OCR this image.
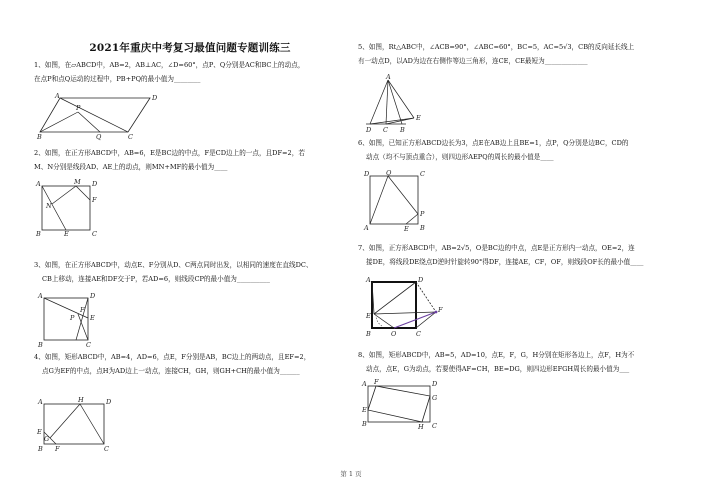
2021年重庆中考复习最值问题专题训练三
1、如图，在▱ABCD中，AB=2，AB⊥AC，∠D=60°，点P、Q分别是AC和BC上的动点，
在点P和点Q运动的过程中，PB+PQ的最小值为________
A	D
P
B	Q	C
2、如图，在正方形ABCD中，AB=6，E是BC边的中点，F是CD边上的一点，且DF=2，若
M、N分别是线段AD、AE上的动点，则MN+MF的最小值为____
A	M D
N
F
B	E	C
3、如图，在正方形ABCD中，动点E、F分别从D、C两点同时出发，以相同的速度在直线DC、
CB上移动，连接AE和DF交于P，若AD=6，则线段CP的最小值为__________
A	D
E
F
P
B	C
4、如图，矩形ABCD中，AB=4，AD=6，点E，F分别是AB，BC边上的两动点，且EF=2，
点G为EF的中点，点H为AD边上一动点，连接CH，GH，则GH+CH的最小值为______
A	H	D
E
G
B F	C
5、如图，Rt△ABC中，∠ACB=90°，∠ABC=60°，BC=5，AC=5√3，CB的反向延长线上
有一动点D，以AD为边在右侧作等边三角形，连CE，CE最短为_____________
A
E
D C B
6、如图，已知正方形ABCD边长为3，点E在AB边上且BE=1，点P，Q分别是边BC，CD的
动点（均不与顶点重合），则四边形AEPQ的周长的最小值是____
D	Q	C
A
P
E B
7、如图，正方形ABCD中，AB=2√5，O是BC边的中点，点E是正方形内一动点，OE=2，连
接DE，将线段DE绕点D逆时针旋转90°得DF，连接AE，CF，OF，则线段OF长的最小值____
A	D
E
F
B	O	C
8、如图，矩形ABCD中，AB=5，AD=10，点E，F，G，H分别在矩形各边上，点F，H为不
动点，点E，G为动点，若要使得AF=CH，BE=DG，则四边形EFGH周长的最小值为___
A F	D
G
E
B	H C
第 1 页
